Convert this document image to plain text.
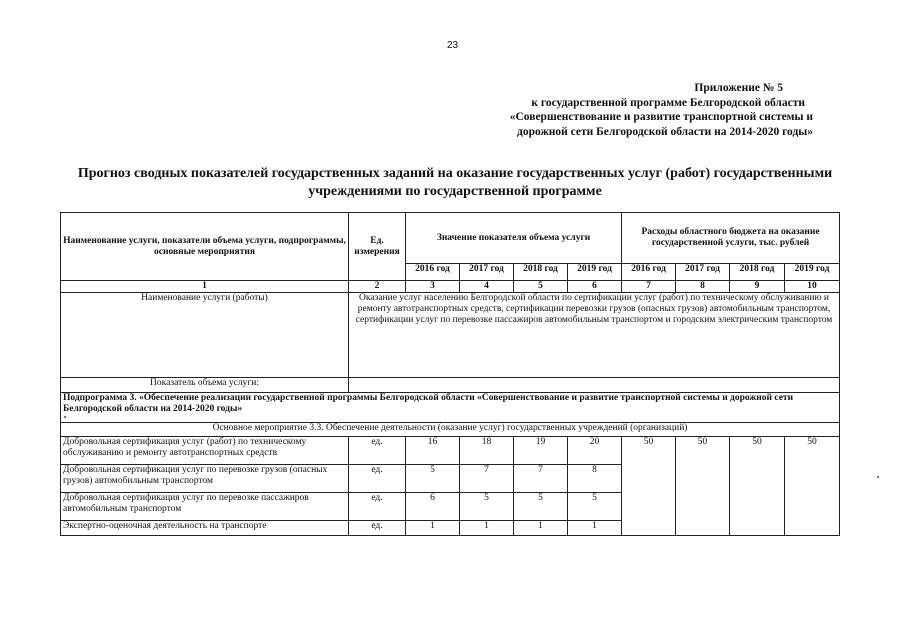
23
Приложение № 5
к государственной программе Белгородской области
«Совершенствование и развитие транспортной системы и
дорожной сети Белгородской области на 2014-2020 годы»
Прогноз сводных показателей государственных заданий на оказание государственных услуг (работ) государственными
учреждениями по государственной программе
Наименование услуги, показатели объема услуги, подпрограммы, основные мероприятия	Ед. измерения	Значение показателя объема услуги				Расходы областного бюджета на оказание государственной услуги, тыс. рублей			
		2016 год	2017 год	2018 год	2019 год	2016 год	2017 год	2018 год	2019 год
1	2	3	4	5	6	7	8	9	10
Наименование услуги (работы)	Оказание услуг населению Белгородской области по сертификации услуг (работ) по техническому обслуживанию и ремонту автотранспортных средств, сертификации перевозки грузов (опасных грузов) автомобильным транспортом, сертификации услуг по перевозке пассажиров автомобильным транспортом и городским электрическим транспортом								
Показатель объема услуги:									
Подпрограмма 3. «Обеспечение реализации государственной программы Белгородской области «Совершенствование и развитие транспортной системы и дорожной сети Белгородской области на 2014-2020 годы»									
Основное мероприятие 3.3. Обеспечение деятельности (оказание услуг) государственных учреждений (организаций)									
Добровольная сертификация услуг (работ) по техническому обслуживанию и ремонту автотранспортных средств	ед.	16	18	19	20	50	50	50	50
Добровольная сертификация услуг по перевозке грузов (опасных грузов) автомобильным транспортом	ед.	5	7	7	8				
Добровольная сертификация услуг по перевозке пассажиров автомобильным транспортом	ед.	6	5	5	5				
Экспертно-оценочная деятельность на транспорте	ед.	1	1	1	1				
